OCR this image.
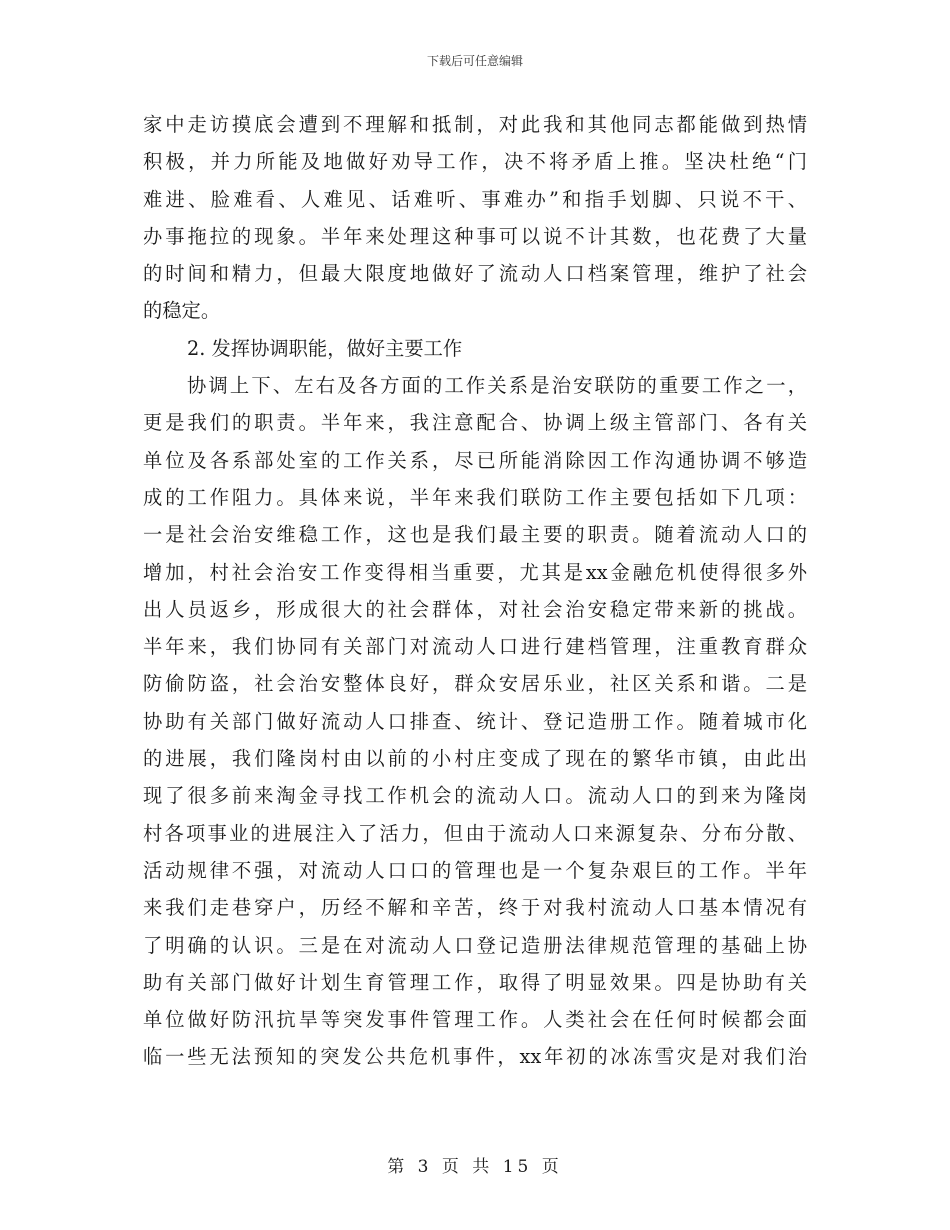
下载后可任意编辑
家中走访摸底会遭到不理解和抵制，对此我和其他同志都能做到热情
积极，并力所能及地做好劝导工作，决不将矛盾上推。坚决杜绝“门
难进、脸难看、人难见、话难听、事难办”和指手划脚、只说不干、
办事拖拉的现象。半年来处理这种事可以说不计其数，也花费了大量
的时间和精力，但最大限度地做好了流动人口档案管理，维护了社会
的稳定。
2. 发挥协调职能，做好主要工作
协调上下、左右及各方面的工作关系是治安联防的重要工作之一，
更是我们的职责。半年来，我注意配合、协调上级主管部门、各有关
单位及各系部处室的工作关系，尽已所能消除因工作沟通协调不够造
成的工作阻力。具体来说，半年来我们联防工作主要包括如下几项：
一是社会治安维稳工作，这也是我们最主要的职责。随着流动人口的
增加，村社会治安工作变得相当重要，尤其是xx金融危机使得很多外
出人员返乡，形成很大的社会群体，对社会治安稳定带来新的挑战。
半年来，我们协同有关部门对流动人口进行建档管理，注重教育群众
防偷防盗，社会治安整体良好，群众安居乐业，社区关系和谐。二是
协助有关部门做好流动人口排查、统计、登记造册工作。随着城市化
的进展，我们隆岗村由以前的小村庄变成了现在的繁华市镇，由此出
现了很多前来淘金寻找工作机会的流动人口。流动人口的到来为隆岗
村各项事业的进展注入了活力，但由于流动人口来源复杂、分布分散、
活动规律不强，对流动人口口的管理也是一个复杂艰巨的工作。半年
来我们走巷穿户，历经不解和辛苦，终于对我村流动人口基本情况有
了明确的认识。三是在对流动人口登记造册法律规范管理的基础上协
助有关部门做好计划生育管理工作，取得了明显效果。四是协助有关
单位做好防汛抗旱等突发事件管理工作。人类社会在任何时候都会面
临一些无法预知的突发公共危机事件，xx年初的冰冻雪灾是对我们治
第 3 页 共 15 页
